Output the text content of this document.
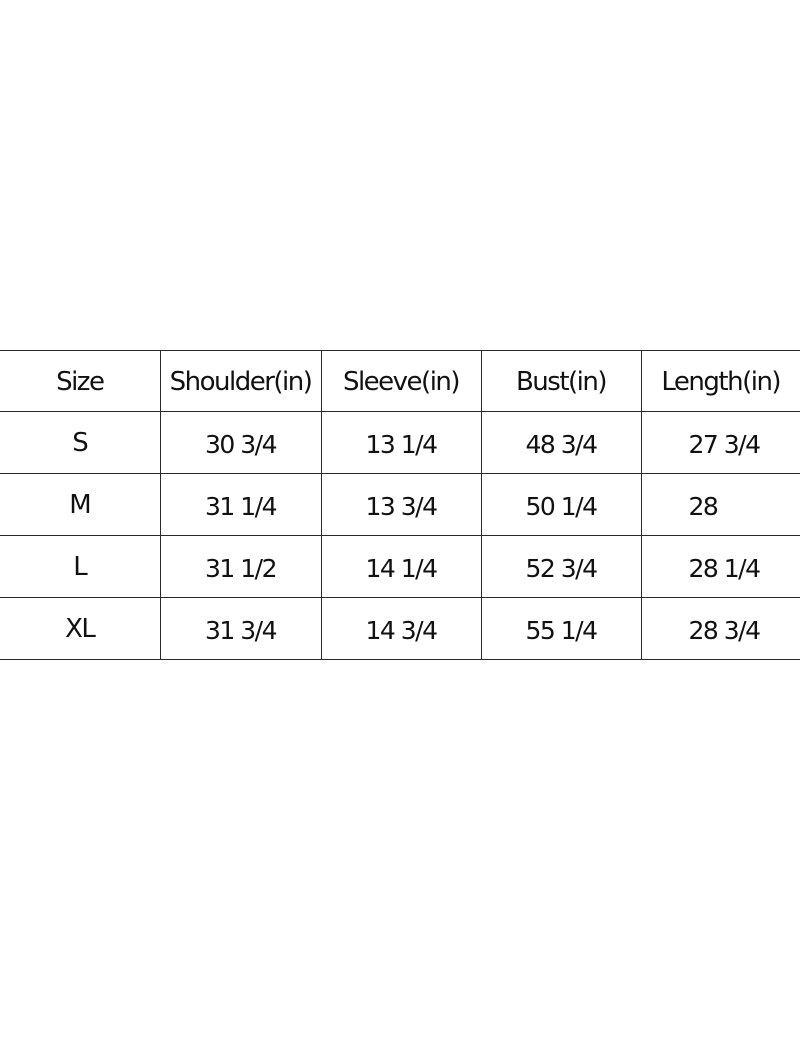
Size	Shoulder(in)	Sleeve(in)	Bust(in)	Length(in)
S	30 3/4	13 1/4	48 3/4	27 3/4
M	31 1/4	13 3/4	50 1/4	28
L	31 1/2	14 1/4	52 3/4	28 1/4
XL	31 3/4	14 3/4	55 1/4	28 3/4
